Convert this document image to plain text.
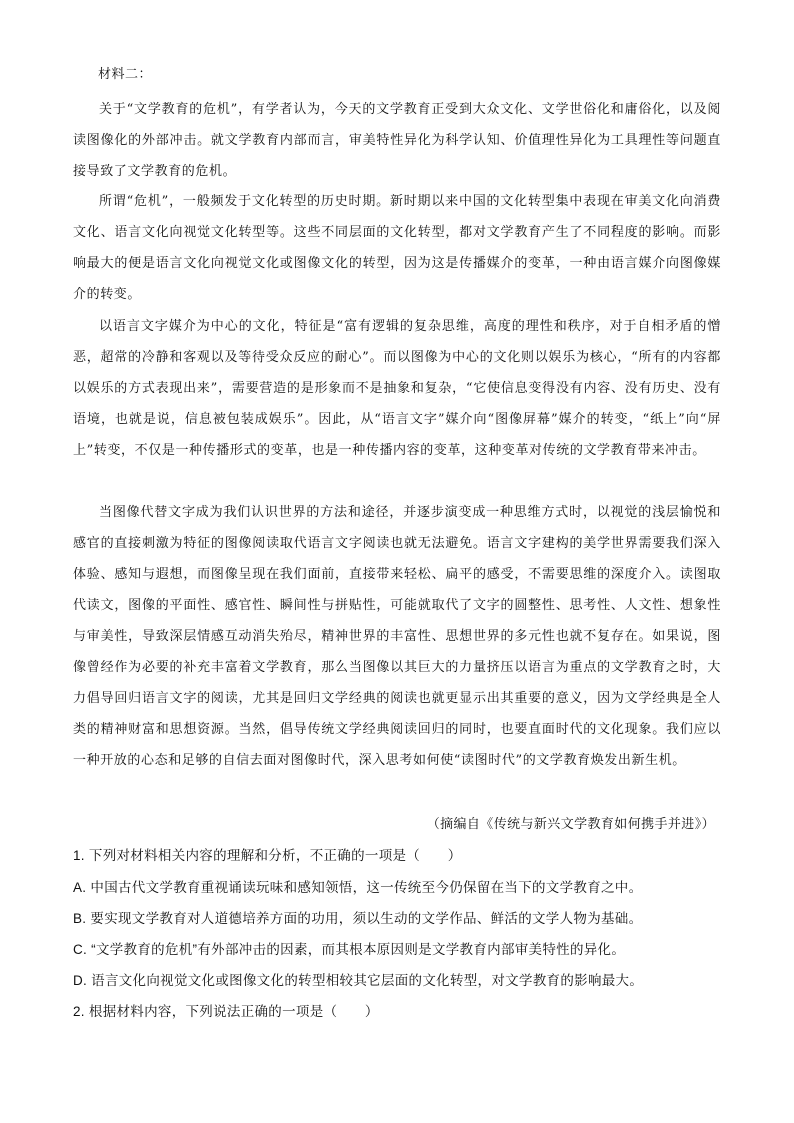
材料二：

关于“文学教育的危机”，有学者认为，今天的文学教育正受到大众文化、文学世俗化和庸俗化，以及阅读图像化的外部冲击。就文学教育内部而言，审美特性异化为科学认知、价值理性异化为工具理性等问题直接导致了文学教育的危机。

所谓“危机”，一般频发于文化转型的历史时期。新时期以来中国的文化转型集中表现在审美文化向消费文化、语言文化向视觉文化转型等。这些不同层面的文化转型，都对文学教育产生了不同程度的影响。而影响最大的便是语言文化向视觉文化或图像文化的转型，因为这是传播媒介的变革，一种由语言媒介向图像媒介的转变。

以语言文字媒介为中心的文化，特征是“富有逻辑的复杂思维，高度的理性和秩序，对于自相矛盾的憎恶，超常的冷静和客观以及等待受众反应的耐心”。而以图像为中心的文化则以娱乐为核心，“所有的内容都以娱乐的方式表现出来”，需要营造的是形象而不是抽象和复杂，“它使信息变得没有内容、没有历史、没有语境，也就是说，信息被包装成娱乐”。因此，从“语言文字”媒介向“图像屏幕”媒介的转变，“纸上”向“屏上”转变，不仅是一种传播形式的变革，也是一种传播内容的变革，这种变革对传统的文学教育带来冲击。

当图像代替文字成为我们认识世界的方法和途径，并逐步演变成一种思维方式时，以视觉的浅层愉悦和感官的直接刺激为特征的图像阅读取代语言文字阅读也就无法避免。语言文字建构的美学世界需要我们深入体验、感知与遐想，而图像呈现在我们面前，直接带来轻松、扁平的感受，不需要思维的深度介入。读图取代读文，图像的平面性、感官性、瞬间性与拼贴性，可能就取代了文字的圆整性、思考性、人文性、想象性与审美性，导致深层情感互动消失殆尽，精神世界的丰富性、思想世界的多元性也就不复存在。如果说，图像曾经作为必要的补充丰富着文学教育，那么当图像以其巨大的力量挤压以语言为重点的文学教育之时，大力倡导回归语言文字的阅读，尤其是回归文学经典的阅读也就更显示出其重要的意义，因为文学经典是全人类的精神财富和思想资源。当然，倡导传统文学经典阅读回归的同时，也要直面时代的文化现象。我们应以一种开放的心态和足够的自信去面对图像时代，深入思考如何使“读图时代”的文学教育焕发出新生机。

（摘编自《传统与新兴文学教育如何携手并进》）
1. 下列对材料相关内容的理解和分析，不正确的一项是（　　）
A. 中国古代文学教育重视诵读玩味和感知领悟，这一传统至今仍保留在当下的文学教育之中。
B. 要实现文学教育对人道德培养方面的功用，须以生动的文学作品、鲜活的文学人物为基础。
C. “文学教育的危机”有外部冲击的因素，而其根本原因则是文学教育内部审美特性的异化。
D. 语言文化向视觉文化或图像文化的转型相较其它层面的文化转型，对文学教育的影响最大。
2. 根据材料内容，下列说法正确的一项是（　　）
